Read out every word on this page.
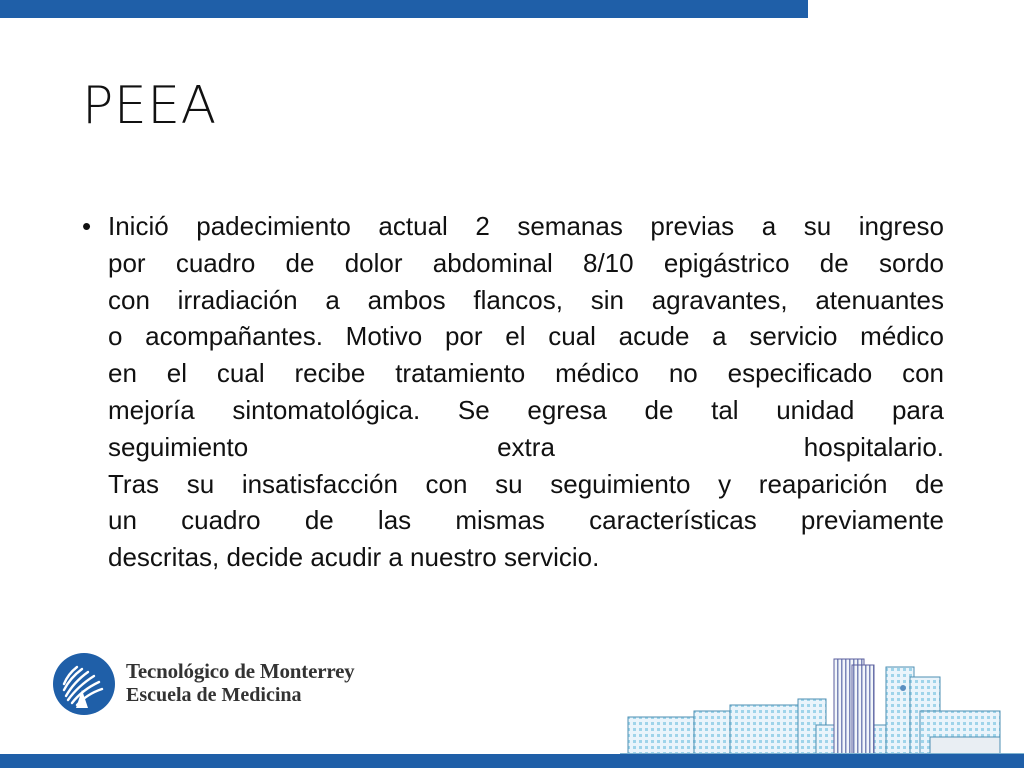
PEEA
• Inició padecimiento actual 2 semanas previas a su ingreso
por cuadro de dolor abdominal 8/10 epigástrico de sordo
con irradiación a ambos flancos, sin agravantes, atenuantes
o acompañantes. Motivo por el cual acude a servicio médico
en el cual recibe tratamiento médico no especificado con
mejoría sintomatológica. Se egresa de tal unidad para
seguimiento extra hospitalario.
Tras su insatisfacción con su seguimiento y reaparición de
un cuadro de las mismas características previamente
descritas, decide acudir a nuestro servicio.
Tecnológico de Monterrey
Escuela de Medicina
